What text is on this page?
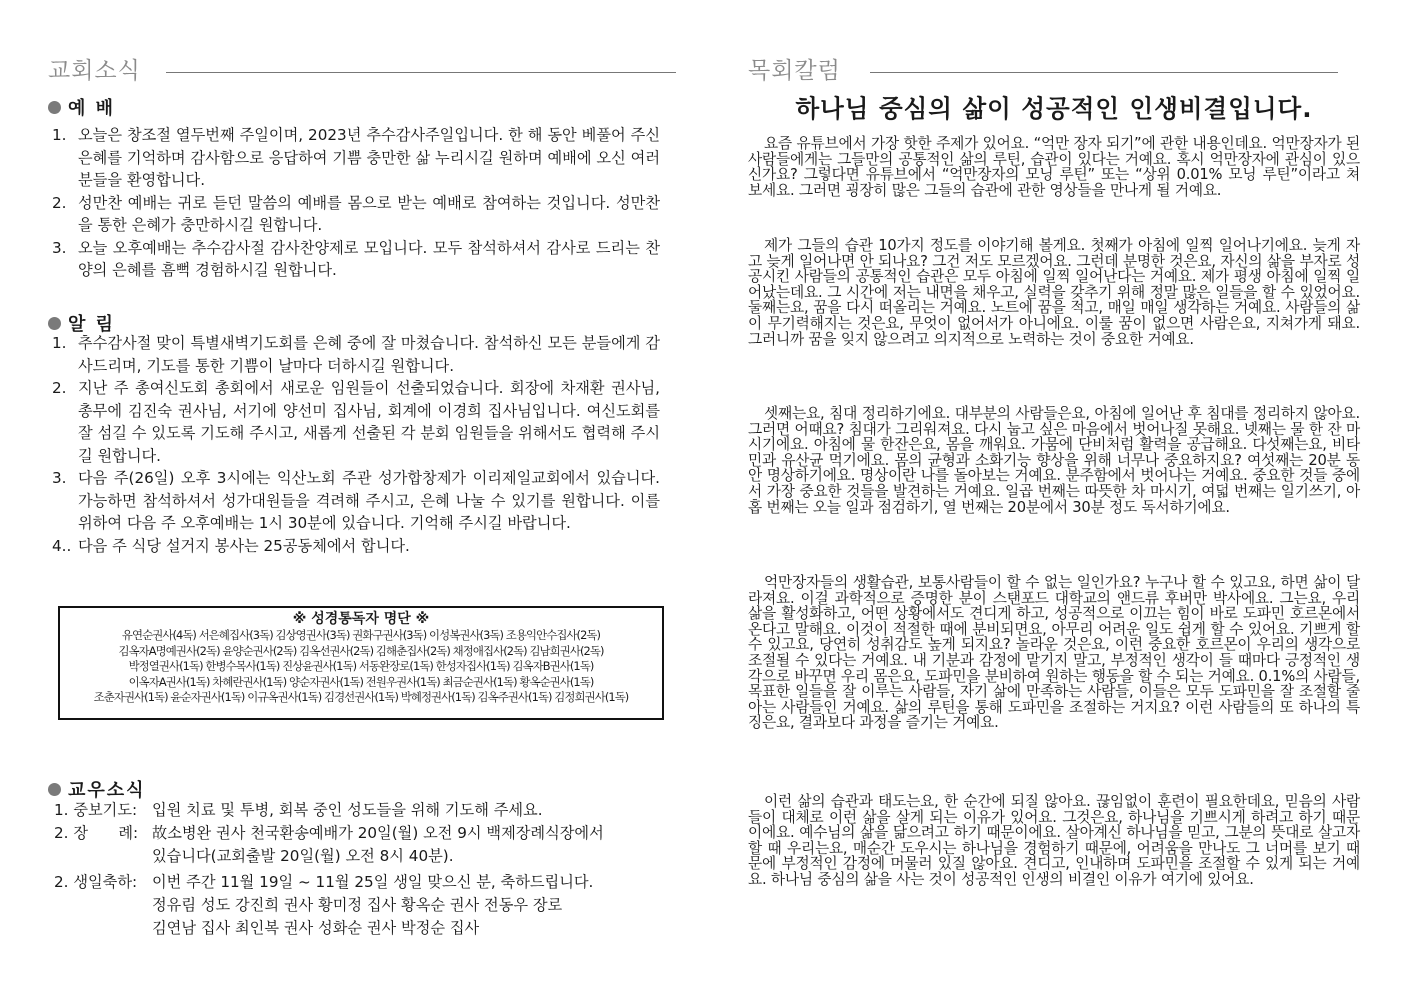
교회소식
예 배
1. 오늘은 창조절 열두번째 주일이며, 2023년 추수감사주일입니다. 한 해 동안 베풀어 주신 은혜를 기억하며 감사함으로 응답하여 기쁨 충만한 삶 누리시길 원하며 예배에 오신 여러분들을 환영합니다.
2. 성만찬 예배는 귀로 듣던 말씀의 예배를 몸으로 받는 예배로 참여하는 것입니다. 성만찬을 통한 은혜가 충만하시길 원합니다.
3. 오늘 오후예배는 추수감사절 감사찬양제로 모입니다. 모두 참석하셔서 감사로 드리는 찬양의 은혜를 흠뻑 경험하시길 원합니다.
알 림
1. 추수감사절 맞이 특별새벽기도회를 은혜 중에 잘 마쳤습니다. 참석하신 모든 분들에게 감사드리며, 기도를 통한 기쁨이 날마다 더하시길 원합니다.
2. 지난 주 총여신도회 총회에서 새로운 임원들이 선출되었습니다. 회장에 차재환 권사님, 총무에 김진숙 권사님, 서기에 양선미 집사님, 회계에 이경희 집사님입니다. 여신도회를 잘 섬길 수 있도록 기도해 주시고, 새롭게 선출된 각 분회 임원들을 위해서도 협력해 주시길 원합니다.
3. 다음 주(26일) 오후 3시에는 익산노회 주관 성가합창제가 이리제일교회에서 있습니다. 가능하면 참석하셔서 성가대원들을 격려해 주시고, 은혜 나눌 수 있기를 원합니다. 이를 위하여 다음 주 오후예배는 1시 30분에 있습니다. 기억해 주시길 바랍니다.
4.. 다음 주 식당 설거지 봉사는 25공동체에서 합니다.
※ 성경통독자 명단 ※
유연순권사(4독) 서은혜집사(3독) 김상영권사(3독) 권화구권사(3독) 이성복권사(3독) 조용익안수집사(2독)
김옥자A명예권사(2독) 윤양순권사(2독) 김옥선권사(2독) 김해춘집사(2독) 채정애집사(2독) 김남희권사(2독)
박정열권사(1독) 한병수목사(1독) 진상윤권사(1독) 서동완장로(1독) 한성자집사(1독) 김옥자B권사(1독)
이옥자A권사(1독) 차혜란권사(1독) 양순자권사(1독) 전원우권사(1독) 최금순권사(1독) 황옥순권사(1독)
조춘자권사(1독) 윤순자권사(1독) 이규옥권사(1독) 김경선권사(1독) 박혜정권사(1독) 김옥주권사(1독) 김정희권사(1독)
교우소식
1. 중보기도: 입원 치료 및 투병, 회복 중인 성도들을 위해 기도해 주세요.
2. 장　　례: 故소병완 권사 천국환송예배가 20일(월) 오전 9시 백제장례식장에서
있습니다(교회출발 20일(월) 오전 8시 40분).
2. 생일축하: 이번 주간 11월 19일 ~ 11월 25일 생일 맞으신 분, 축하드립니다.
정유림 성도 강진희 권사 황미정 집사 황옥순 권사 전동우 장로
김연남 집사 최인복 권사 성화순 권사 박정순 집사
목회칼럼
하나님 중심의 삶이 성공적인 인생비결입니다.
요즘 유튜브에서 가장 핫한 주제가 있어요. “억만 장자 되기”에 관한 내용인데요. 억만장자가 된 사람들에게는 그들만의 공통적인 삶의 루틴, 습관이 있다는 거예요. 혹시 억만장자에 관심이 있으신가요? 그렇다면 유튜브에서 “억만장자의 모닝 루틴” 또는 “상위 0.01% 모닝 루틴”이라고 쳐 보세요. 그러면 굉장히 많은 그들의 습관에 관한 영상들을 만나게 될 거예요.
제가 그들의 습관 10가지 정도를 이야기해 볼게요. 첫째가 아침에 일찍 일어나기에요. 늦게 자고 늦게 일어나면 안 되나요? 그건 저도 모르겠어요. 그런데 분명한 것은요, 자신의 삶을 부자로 성공시킨 사람들의 공통적인 습관은 모두 아침에 일찍 일어난다는 거예요. 제가 평생 아침에 일찍 일어났는데요. 그 시간에 저는 내면을 채우고, 실력을 갖추기 위해 정말 많은 일들을 할 수 있었어요. 둘째는요, 꿈을 다시 떠올리는 거예요. 노트에 꿈을 적고, 매일 매일 생각하는 거예요. 사람들의 삶이 무기력해지는 것은요, 무엇이 없어서가 아니에요. 이룰 꿈이 없으면 사람은요, 지쳐가게 돼요. 그러니까 꿈을 잊지 않으려고 의지적으로 노력하는 것이 중요한 거예요.
셋째는요, 침대 정리하기에요. 대부분의 사람들은요, 아침에 일어난 후 침대를 정리하지 않아요. 그러면 어때요? 침대가 그리워져요. 다시 눕고 싶은 마음에서 벗어나질 못해요. 넷째는 물 한 잔 마시기에요. 아침에 물 한잔은요, 몸을 깨워요. 가뭄에 단비처럼 활력을 공급해요. 다섯째는요, 비타민과 유산균 먹기에요. 몸의 균형과 소화기능 향상을 위해 너무나 중요하지요? 여섯째는 20분 동안 명상하기에요. 명상이란 나를 돌아보는 거예요. 분주함에서 벗어나는 거예요. 중요한 것들 중에서 가장 중요한 것들을 발견하는 거예요. 일곱 번째는 따뜻한 차 마시기, 여덟 번째는 일기쓰기, 아홉 번째는 오늘 일과 점검하기, 열 번째는 20분에서 30분 정도 독서하기에요.
억만장자들의 생활습관, 보통사람들이 할 수 없는 일인가요? 누구나 할 수 있고요, 하면 삶이 달라져요. 이걸 과학적으로 증명한 분이 스탠포드 대학교의 앤드류 후버만 박사에요. 그는요, 우리 삶을 활성화하고, 어떤 상황에서도 견디게 하고, 성공적으로 이끄는 힘이 바로 도파민 호르몬에서 온다고 말해요. 이것이 적절한 때에 분비되면요, 아무리 어려운 일도 쉽게 할 수 있어요. 기쁘게 할 수 있고요, 당연히 성취감도 높게 되지요? 놀라운 것은요, 이런 중요한 호르몬이 우리의 생각으로 조절될 수 있다는 거예요. 내 기분과 감정에 맡기지 말고, 부정적인 생각이 들 때마다 긍정적인 생각으로 바꾸면 우리 몸은요, 도파민을 분비하여 원하는 행동을 할 수 되는 거예요. 0.1%의 사람들, 목표한 일들을 잘 이루는 사람들, 자기 삶에 만족하는 사람들, 이들은 모두 도파민을 잘 조절할 줄 아는 사람들인 거예요. 삶의 루틴을 통해 도파민을 조절하는 거지요? 이런 사람들의 또 하나의 특징은요, 결과보다 과정을 즐기는 거예요.
이런 삶의 습관과 태도는요, 한 순간에 되질 않아요. 끊임없이 훈련이 필요한데요, 믿음의 사람들이 대체로 이런 삶을 살게 되는 이유가 있어요. 그것은요, 하나님을 기쁘시게 하려고 하기 때문이에요. 예수님의 삶을 닮으려고 하기 때문이에요. 살아계신 하나님을 믿고, 그분의 뜻대로 살고자 할 때 우리는요, 매순간 도우시는 하나님을 경험하기 때문에, 어려움을 만나도 그 너머를 보기 때문에 부정적인 감정에 머물러 있질 않아요. 견디고, 인내하며 도파민을 조절할 수 있게 되는 거예요. 하나님 중심의 삶을 사는 것이 성공적인 인생의 비결인 이유가 여기에 있어요.
